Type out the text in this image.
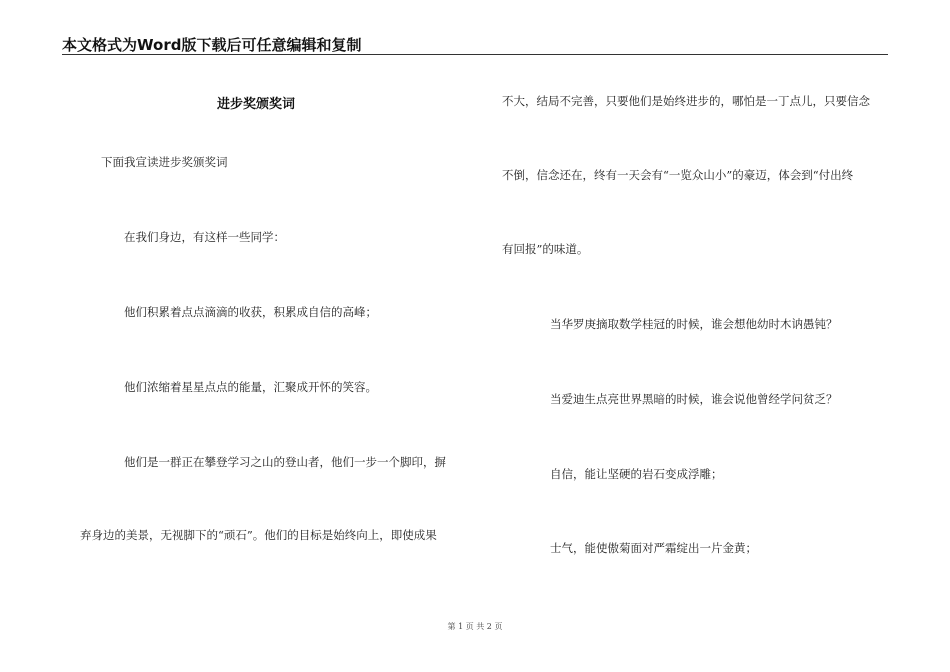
本文格式为Word版下载后可任意编辑和复制
进步奖颁奖词
下面我宣读进步奖颁奖词
在我们身边，有这样一些同学：
他们积累着点点滴滴的收获，积累成自信的高峰；
他们浓缩着星星点点的能量，汇聚成开怀的笑容。
他们是一群正在攀登学习之山的登山者，他们一步一个脚印，摒
弃身边的美景，无视脚下的“顽石”。他们的目标是始终向上，即使成果
不大，结局不完善，只要他们是始终进步的，哪怕是一丁点儿，只要信念
不倒，信念还在，终有一天会有“一览众山小”的豪迈，体会到“付出终
有回报”的味道。
当华罗庚摘取数学桂冠的时候，谁会想他幼时木讷愚钝？
当爱迪生点亮世界黑暗的时候，谁会说他曾经学问贫乏？
自信，能让坚硬的岩石变成浮雕；
士气，能使傲菊面对严霜绽出一片金黄；
第 1 页 共 2 页
